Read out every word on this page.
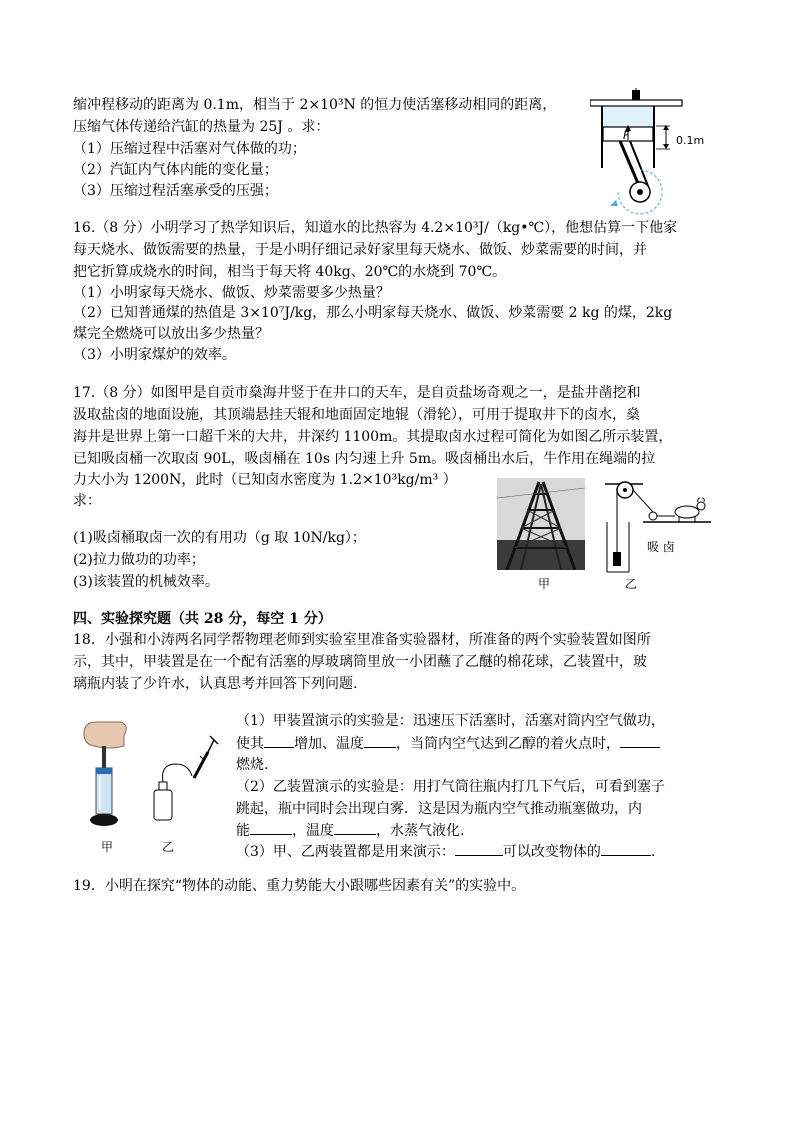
缩冲程移动的距离为 0.1m，相当于 2×10³N 的恒力使活塞移动相同的距离，
压缩气体传递给汽缸的热量为 25J 。求：
（1）压缩过程中活塞对气体做的功；
（2）汽缸内气体内能的变化量；
（3）压缩过程活塞承受的压强；
F	0.1m
16.（8 分）小明学习了热学知识后，知道水的比热容为 4.2×10³J/（kg•℃），他想估算一下他家
每天烧水、做饭需要的热量，于是小明仔细记录好家里每天烧水、做饭、炒菜需要的时间，并
把它折算成烧水的时间，相当于每天将 40kg、20℃的水烧到 70℃。
（1）小明家每天烧水、做饭、炒菜需要多少热量？
（2）已知普通煤的热值是 3×10⁷J/kg，那么小明家每天烧水、做饭、炒菜需要 2 kg 的煤，2kg
煤完全燃烧可以放出多少热量？
（3）小明家煤炉的效率。
17.（8 分）如图甲是自贡市燊海井竖于在井口的天车，是自贡盐场奇观之一，是盐井凿挖和
汲取盐卤的地面设施，其顶端悬挂天辊和地面固定地辊（滑轮），可用于提取井下的卤水，燊
海井是世界上第一口超千米的大井，井深约 1100m。其提取卤水过程可简化为如图乙所示装置，
已知吸卤桶一次取卤 90L，吸卤桶在 10s 内匀速上升 5m。吸卤桶出水后，牛作用在绳端的拉
力大小为 1200N，此时（已知卤水密度为 1.2×10³kg/m³ ）
求：
(1)吸卤桶取卤一次的有用功（g 取 10N/kg）；
(2)拉力做功的功率；
(3)该装置的机械效率。	甲
吸 卤
乙
四、实验探究题（共 28 分，每空 1 分）
18．小强和小涛两名同学帮物理老师到实验室里准备实验器材，所准备的两个实验装置如图所
示，其中，甲装置是在一个配有活塞的厚玻璃筒里放一小团蘸了乙醚的棉花球，乙装置中，玻
璃瓶内装了少许水，认真思考并回答下列问题.
甲	乙
（1）甲装置演示的实验是：迅速压下活塞时，活塞对筒内空气做功，
使其 增加、温度 ，当筒内空气达到乙醇的着火点时，
燃烧.
（2）乙装置演示的实验是：用打气筒往瓶内打几下气后，可看到塞子
跳起，瓶中同时会出现白雾．这是因为瓶内空气推动瓶塞做功，内
能	，温度	，水蒸气液化.
（3）甲、乙两装置都是用来演示：	可以改变物体的	.
19．小明在探究“物体的动能、重力势能大小跟哪些因素有关”的实验中。
